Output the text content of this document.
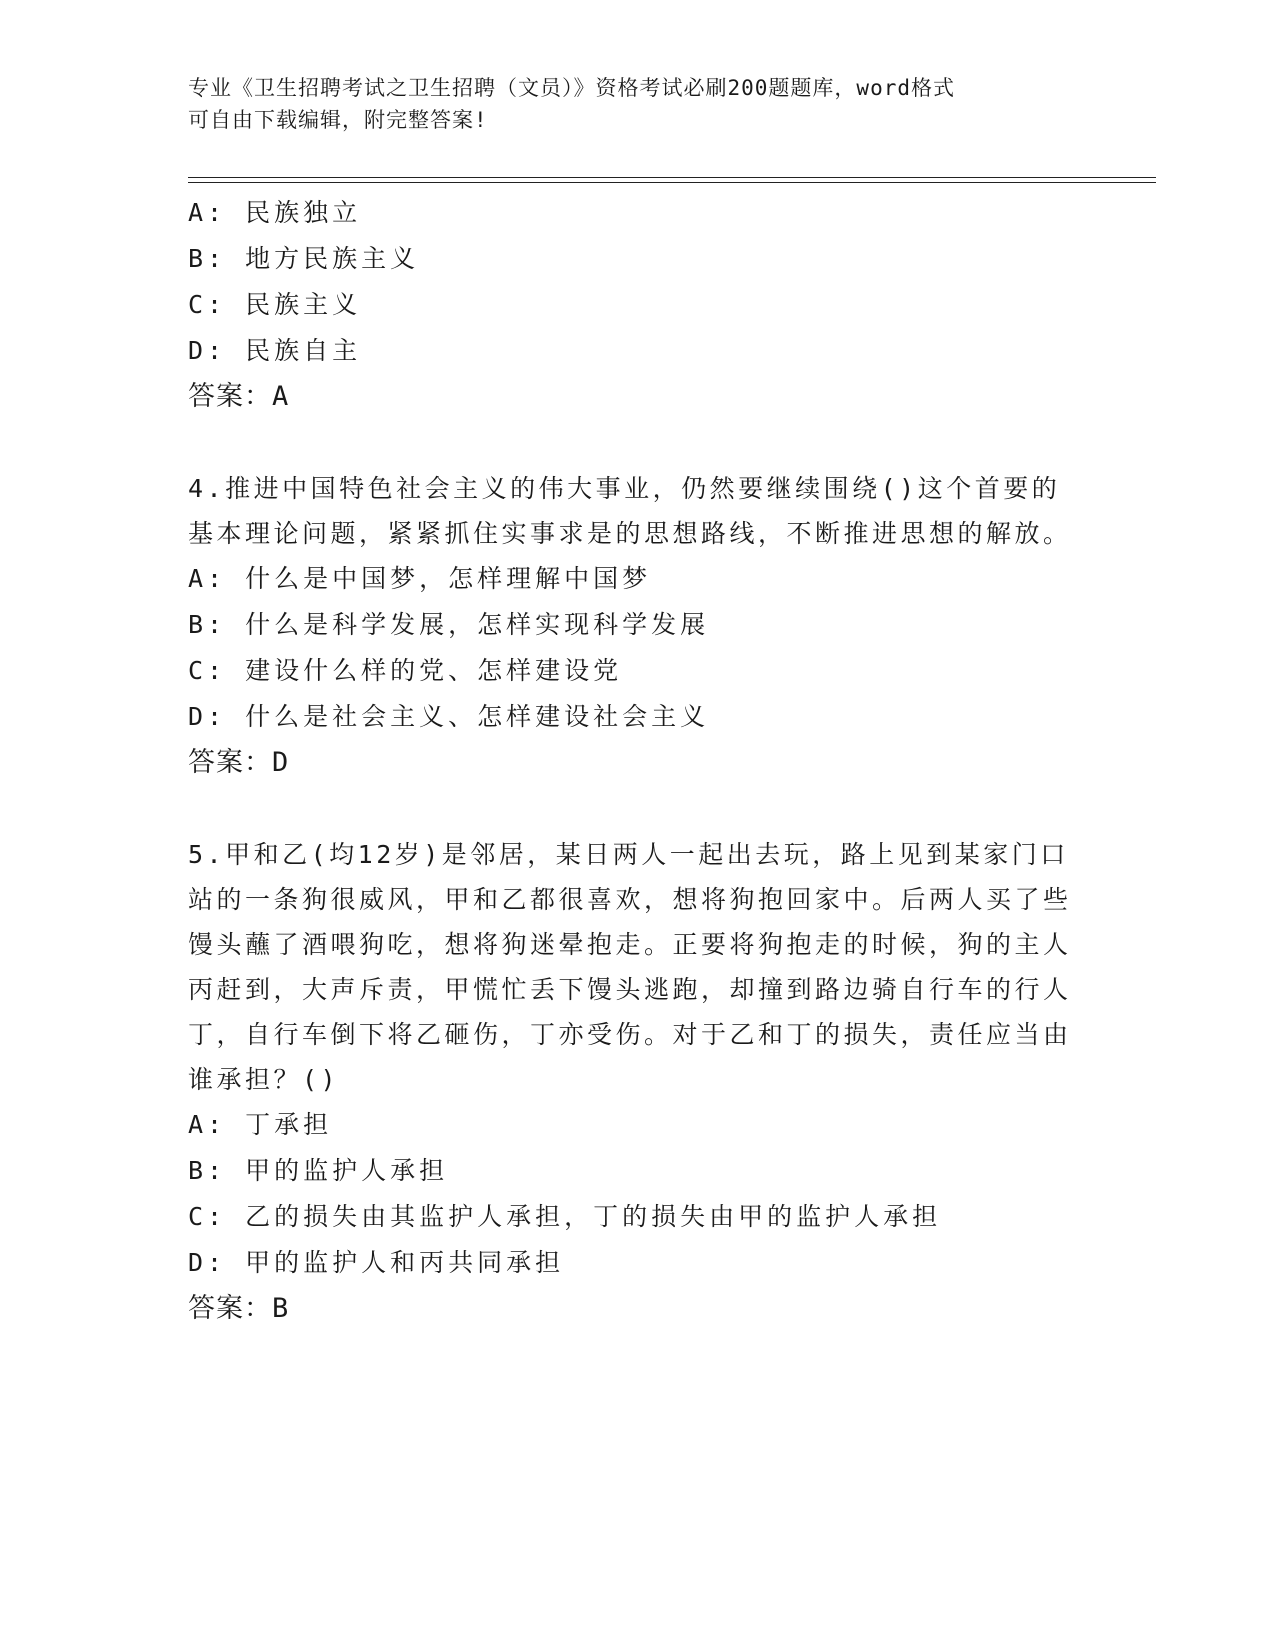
专业《卫生招聘考试之卫生招聘（文员）》资格考试必刷200题题库，word格式
可自由下载编辑，附完整答案!
A: 民族独立
B: 地方民族主义
C: 民族主义
D: 民族自主
答案：A
4.推进中国特色社会主义的伟大事业，仍然要继续围绕()这个首要的基本理论问题，紧紧抓住实事求是的思想路线，不断推进思想的解放。
A: 什么是中国梦，怎样理解中国梦
B: 什么是科学发展，怎样实现科学发展
C: 建设什么样的党、怎样建设党
D: 什么是社会主义、怎样建设社会主义
答案：D
5.甲和乙(均12岁)是邻居，某日两人一起出去玩，路上见到某家门口站的一条狗很威风，甲和乙都很喜欢，想将狗抱回家中。后两人买了些馒头蘸了酒喂狗吃，想将狗迷晕抱走。正要将狗抱走的时候，狗的主人丙赶到，大声斥责，甲慌忙丢下馒头逃跑，却撞到路边骑自行车的行人丁，自行车倒下将乙砸伤，丁亦受伤。对于乙和丁的损失，责任应当由谁承担？()
A: 丁承担
B: 甲的监护人承担
C: 乙的损失由其监护人承担，丁的损失由甲的监护人承担
D: 甲的监护人和丙共同承担
答案：B
